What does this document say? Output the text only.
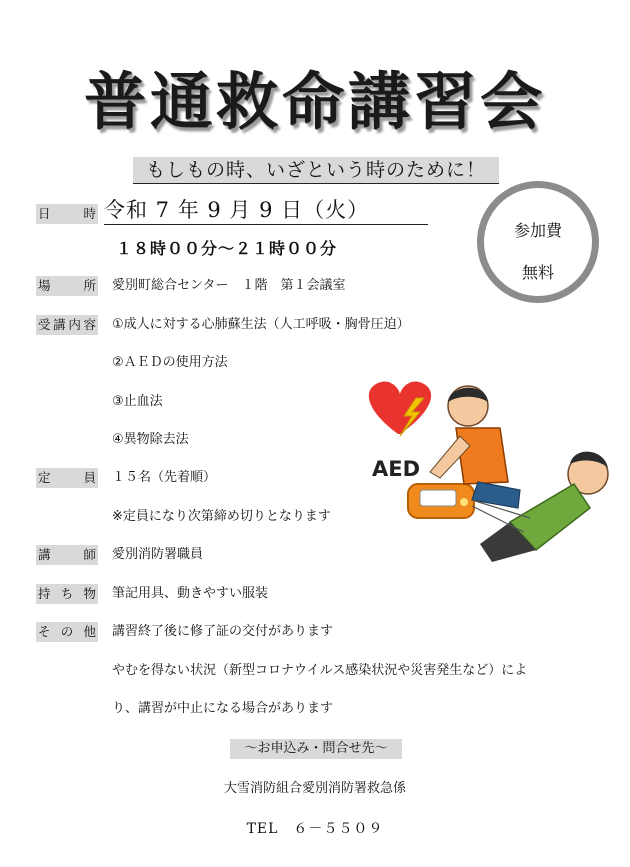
普通救命講習会
もしもの時、いざという時のために！
日時 令和 7 年 9 月 9 日（火）
１８時００分～２１時００分
参加費
無料
場所 愛別町総合センター　１階　第１会議室
受講内容 ①成人に対する心肺蘇生法（人工呼吸・胸骨圧迫）
②ＡＥＤの使用方法
③止血法
④異物除去法
定員 １５名（先着順）
※定員になり次第締め切りとなります
講師 愛別消防署職員
持ち物 筆記用具、動きやすい服装
その他 講習終了後に修了証の交付があります
やむを得ない状況（新型コロナウイルス感染状況や災害発生など）によ
り、講習が中止になる場合があります
AED
～お申込み・問合せ先～
大雪消防組合愛別消防署救急係
TEL　６－５５０９
